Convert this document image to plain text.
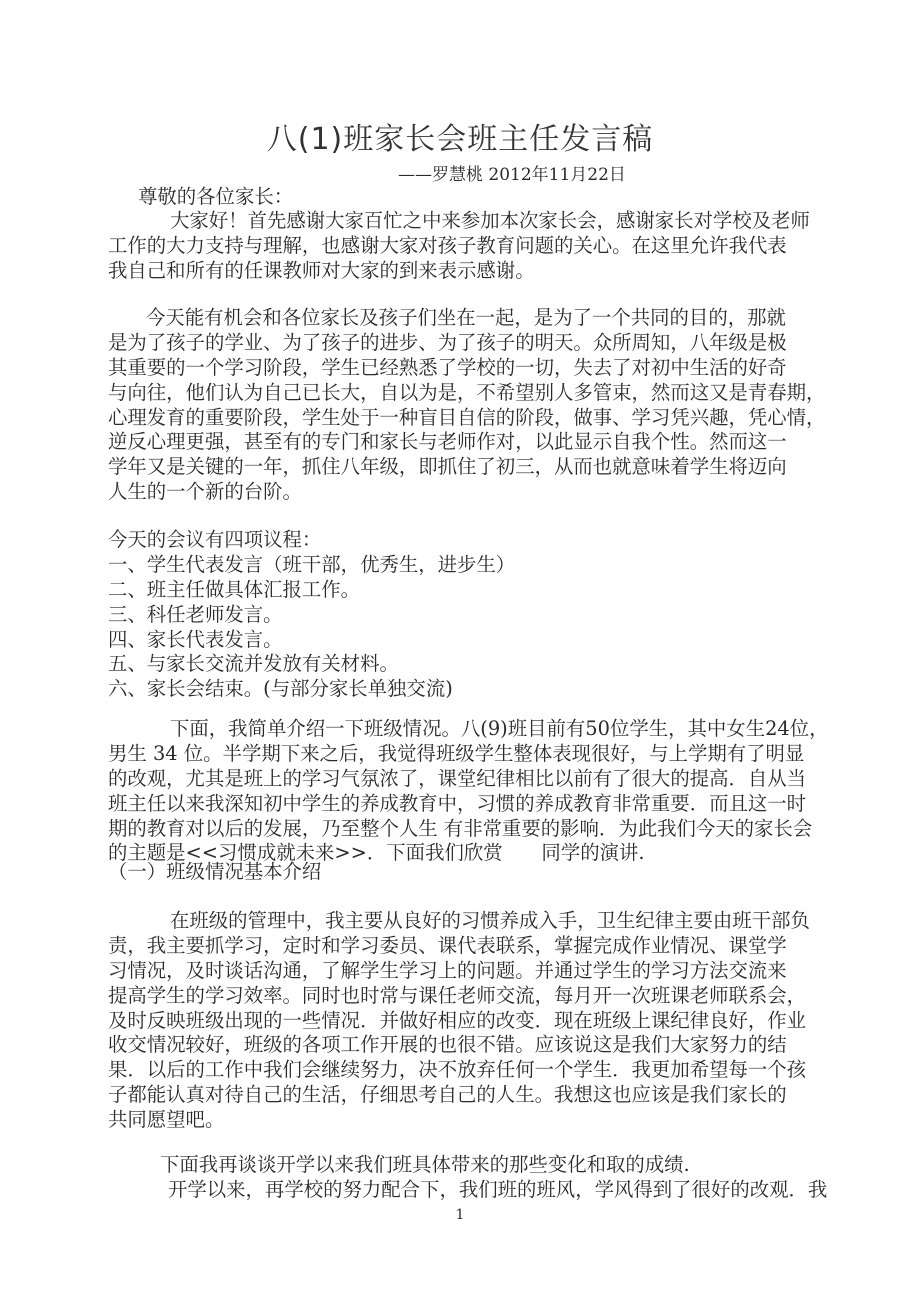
八(1)班家长会班主任发言稿
——罗慧桃 2012年11月22日
尊敬的各位家长：
大家好！首先感谢大家百忙之中来参加本次家长会，感谢家长对学校及老师
工作的大力支持与理解，也感谢大家对孩子教育问题的关心。在这里允许我代表
我自己和所有的任课教师对大家的到来表示感谢。
今天能有机会和各位家长及孩子们坐在一起，是为了一个共同的目的，那就
是为了孩子的学业、为了孩子的进步、为了孩子的明天。众所周知，八年级是极
其重要的一个学习阶段，学生已经熟悉了学校的一切，失去了对初中生活的好奇
与向往，他们认为自己已长大，自以为是，不希望别人多管束，然而这又是青春期，
心理发育的重要阶段，学生处于一种盲目自信的阶段，做事、学习凭兴趣，凭心情，
逆反心理更强，甚至有的专门和家长与老师作对，以此显示自我个性。然而这一
学年又是关键的一年，抓住八年级，即抓住了初三，从而也就意味着学生将迈向
人生的一个新的台阶。
今天的会议有四项议程：
一、学生代表发言（班干部，优秀生，进步生）
二、班主任做具体汇报工作。
三、科任老师发言。
四、家长代表发言。
五、与家长交流并发放有关材料。
六、家长会结束。(与部分家长单独交流)
下面，我简单介绍一下班级情况。八(9)班目前有50位学生，其中女生24位，
男生 34 位。半学期下来之后，我觉得班级学生整体表现很好，与上学期有了明显
的改观，尤其是班上的学习气氛浓了，课堂纪律相比以前有了很大的提高．自从当
班主任以来我深知初中学生的养成教育中，习惯的养成教育非常重要．而且这一时
期的教育对以后的发展，乃至整个人生 有非常重要的影响．为此我们今天的家长会
的主题是<<习惯成就未来>>．下面我们欣赏　　同学的演讲.
（一）班级情况基本介绍
在班级的管理中，我主要从良好的习惯养成入手，卫生纪律主要由班干部负
责，我主要抓学习，定时和学习委员、课代表联系，掌握完成作业情况、课堂学
习情况，及时谈话沟通，了解学生学习上的问题。并通过学生的学习方法交流来
提高学生的学习效率。同时也时常与课任老师交流，每月开一次班课老师联系会，
及时反映班级出现的一些情况．并做好相应的改变．现在班级上课纪律良好，作业
收交情况较好，班级的各项工作开展的也很不错。应该说这是我们大家努力的结
果．以后的工作中我们会继续努力，决不放弃任何一个学生．我更加希望每一个孩
子都能认真对待自己的生活，仔细思考自己的人生。我想这也应该是我们家长的
共同愿望吧。
下面我再谈谈开学以来我们班具体带来的那些变化和取的成绩.
开学以来，再学校的努力配合下，我们班的班风，学风得到了很好的改观．我
1
